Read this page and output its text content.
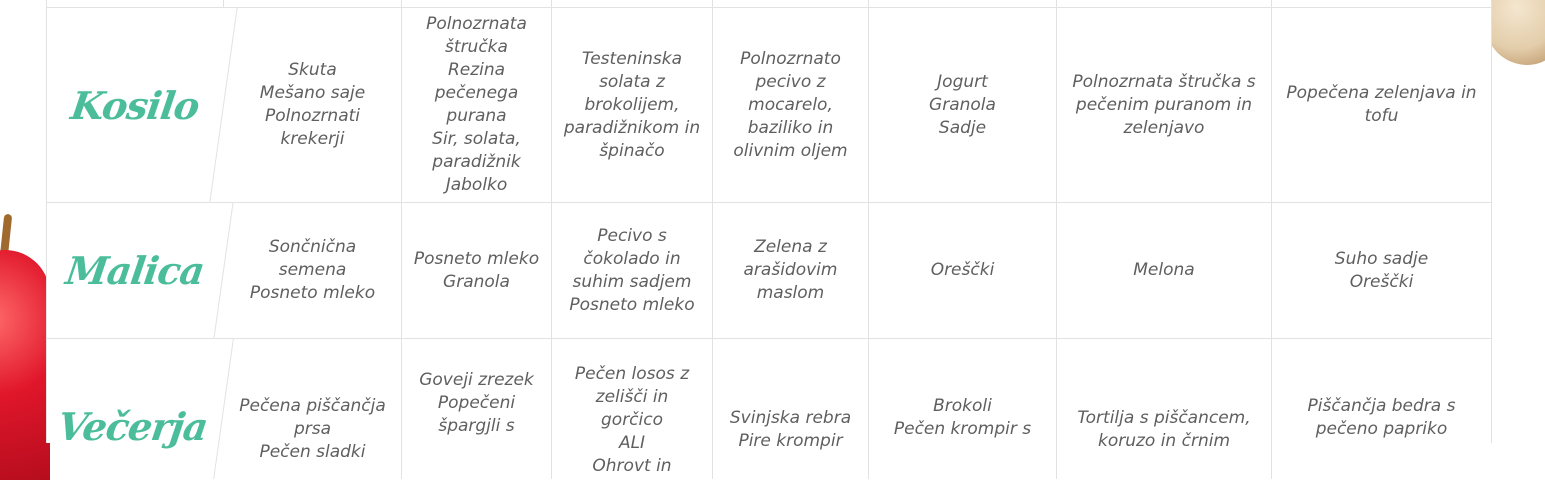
Kosilo
Skuta
Mešano saje
Polnozrnati
krekerji
Polnozrnata
štručka
Rezina
pečenega
purana
Sir, solata,
paradižnik
Jabolko
Testeninska
solata z
brokolijem,
paradižnikom in
špinačo
Polnozrnato
pecivo z
mocarelo,
baziliko in
olivnim oljem
Jogurt
Granola
Sadje
Polnozrnata štručka s
pečenim puranom in
zelenjavo
Popečena zelenjava in
tofu
Malica
Sončnična semena
Posneto mleko
Posneto mleko
Granola
Pecivo s
čokolado in
suhim sadjem
Posneto mleko
Zelena z
arašidovim
maslom
Oreščki	Melona
Suho sadje
Oreščki
Večerja	Pečena piščančja
prsa
Pečen sladki
Goveji zrezek
Popečeni
špargjli s
Pečen losos z
zelišči in gorčico
ALI
Ohrovt in
Svinjska rebra
Pire krompir
Brokoli
Pečen krompir s
Tortilja s piščancem,
koruzo in črnim
Piščančja bedra s
pečeno papriko
